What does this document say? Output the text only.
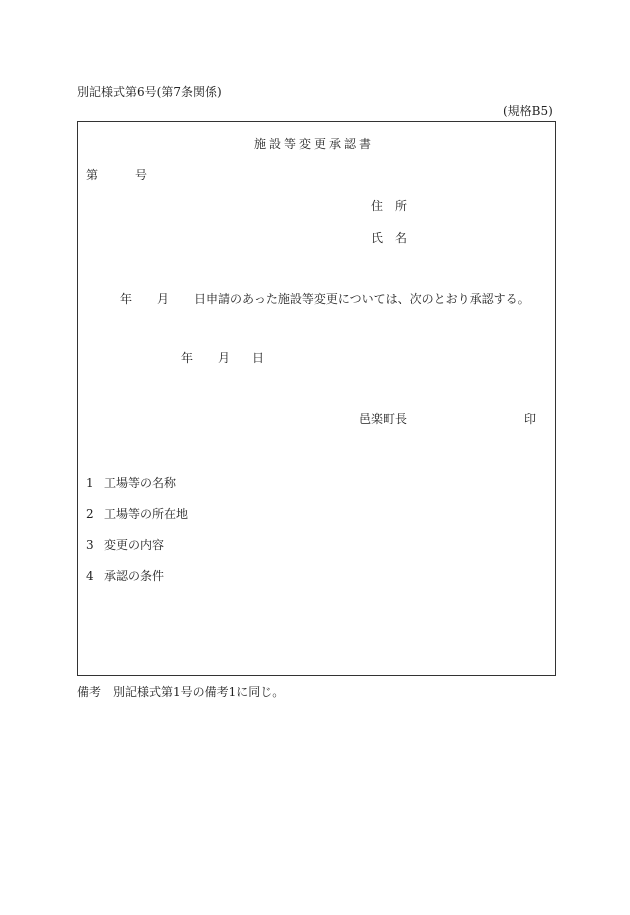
別記様式第6号(第7条関係)
(規格B5)
施設等変更承認書
第	号
住　所
氏　名
年 月 日申請のあった施設等変更については、次のとおり承認する。
年 月 日
邑楽町長	印
1 工場等の名称
2 工場等の所在地
3 変更の内容
4 承認の条件
備考　別記様式第1号の備考1に同じ。
